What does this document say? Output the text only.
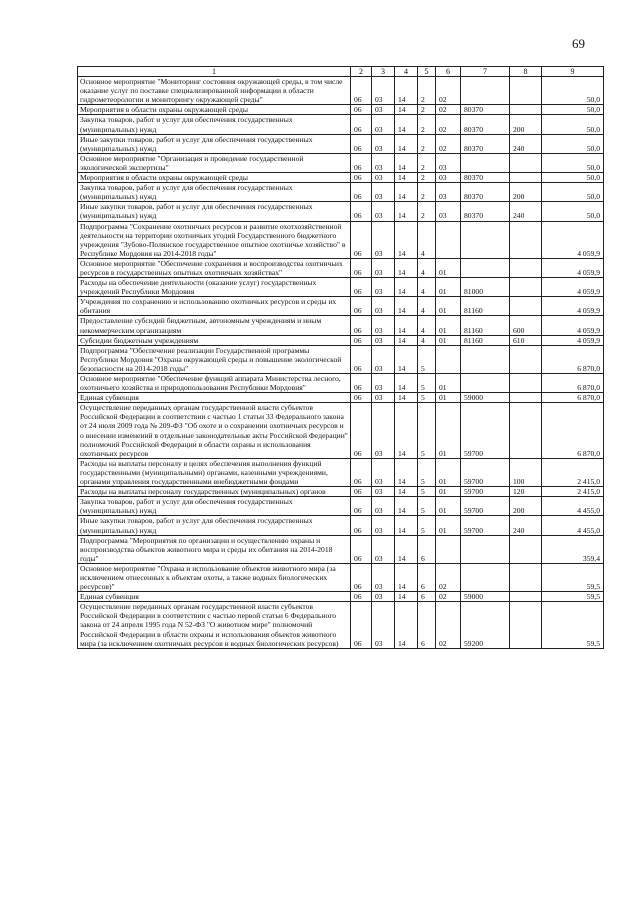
69
1	2	3	4	5	6	7	8	9
Основное мероприятие "Мониторинг состояния окружающей среды, в том числе оказание услуг по поставке специализированной информации в области гидрометеорологии и мониторингу окружающей среды"	06	03	14	2	02			50,0
Мероприятия в области охраны окружающей среды	06	03	14	2	02	80370		50,0
Закупка товаров, работ и услуг для обеспечения государственных (муниципальных) нужд	06	03	14	2	02	80370	200	50,0
Иные закупки товаров, работ и услуг для обеспечения государственных (муниципальных) нужд	06	03	14	2	02	80370	240	50,0
Основное мероприятие "Организация и проведение государственной экологической экспертизы"	06	03	14	2	03			50,0
Мероприятия в области охраны окружающей среды	06	03	14	2	03	80370		50,0
Закупка товаров, работ и услуг для обеспечения государственных (муниципальных) нужд	06	03	14	2	03	80370	200	50,0
Иные закупки товаров, работ и услуг для обеспечения государственных (муниципальных) нужд	06	03	14	2	03	80370	240	50,0
Подпрограмма "Сохранение охотничьих ресурсов и развитие охотхозяйственной деятельности на территории охотничьих угодий Государственного бюджетного учреждения "Зубово-Полянское государственное опытное охотничье хозяйство" в Республике Мордовия на 2014-2018 годы"	06	03	14	4				4 059,9
Основное мероприятие "Обеспечение сохранения и воспроизводства охотничьих ресурсов в государственных опытных охотничьих хозяйствах"	06	03	14	4	01			4 059,9
Расходы на обеспечение деятельности (оказание услуг) государственных учреждений Республики Мордовия	06	03	14	4	01	81000		4 059,9
Учреждения по сохранению и использованию охотничьих ресурсов и среды их обитания	06	03	14	4	01	81160		4 059,9
Предоставление субсидий бюджетным, автономным учреждениям и иным некоммерческим организациям	06	03	14	4	01	81160	600	4 059,9
Субсидии бюджетным учреждениям	06	03	14	4	01	81160	610	4 059,9
Подпрограмма "Обеспечение реализации Государственной программы Республики Мордовия "Охрана окружающей среды и повышение экологической безопасности на 2014-2018 годы"	06	03	14	5				6 870,0
Основное мероприятие "Обеспечение функций аппарата Министерства лесного, охотничьего хозяйства и природопользования Республики Мордовия"	06	03	14	5	01			6 870,0
Единая субвенция	06	03	14	5	01	59000		6 870,0
Осуществление переданных органам государственной власти субъектов Российской Федерации в соответствии с частью 1 статьи 33 Федерального закона от 24 июля 2009 года № 209-ФЗ "Об охоте и о сохранении охотничьих ресурсов и о внесении изменений в отдельные законодательные акты Российской Федерации" полномочий Российской Федерации в области охраны и использования охотничьих ресурсов	06	03	14	5	01	59700		6 870,0
Расходы на выплаты персоналу в целях обеспечения выполнения функций государственными (муниципальными) органами, казенными учреждениями, органами управления государственными внебюджетными фондами	06	03	14	5	01	59700	100	2 415,0
Расходы на выплаты персоналу государственных (муниципальных) органов	06	03	14	5	01	59700	120	2 415,0
Закупка товаров, работ и услуг для обеспечения государственных (муниципальных) нужд	06	03	14	5	01	59700	200	4 455,0
Иные закупки товаров, работ и услуг для обеспечения государственных (муниципальных) нужд	06	03	14	5	01	59700	240	4 455,0
Подпрограмма "Мероприятия по организации и осуществлению охраны и воспроизводства объектов животного мира и среды их обитания на 2014-2018 годы"	06	03	14	6				359,4
Основное мероприятие "Охрана и использование объектов животного мира (за исключением отнесенных к объектам охоты, а также водных биологических ресурсов)"	06	03	14	6	02			59,5
Единая субвенция	06	03	14	6	02	59000		59,5
Осуществление переданных органам государственной власти субъектов Российской Федерации в соответствии с частью первой статьи 6 Федерального закона от 24 апреля 1995 года N 52-ФЗ "О животном мире" полномочий Российской Федерации в области охраны и использования объектов животного мира (за исключением охотничьих ресурсов и водных биологических ресурсов)	06	03	14	6	02	59200		59,5
